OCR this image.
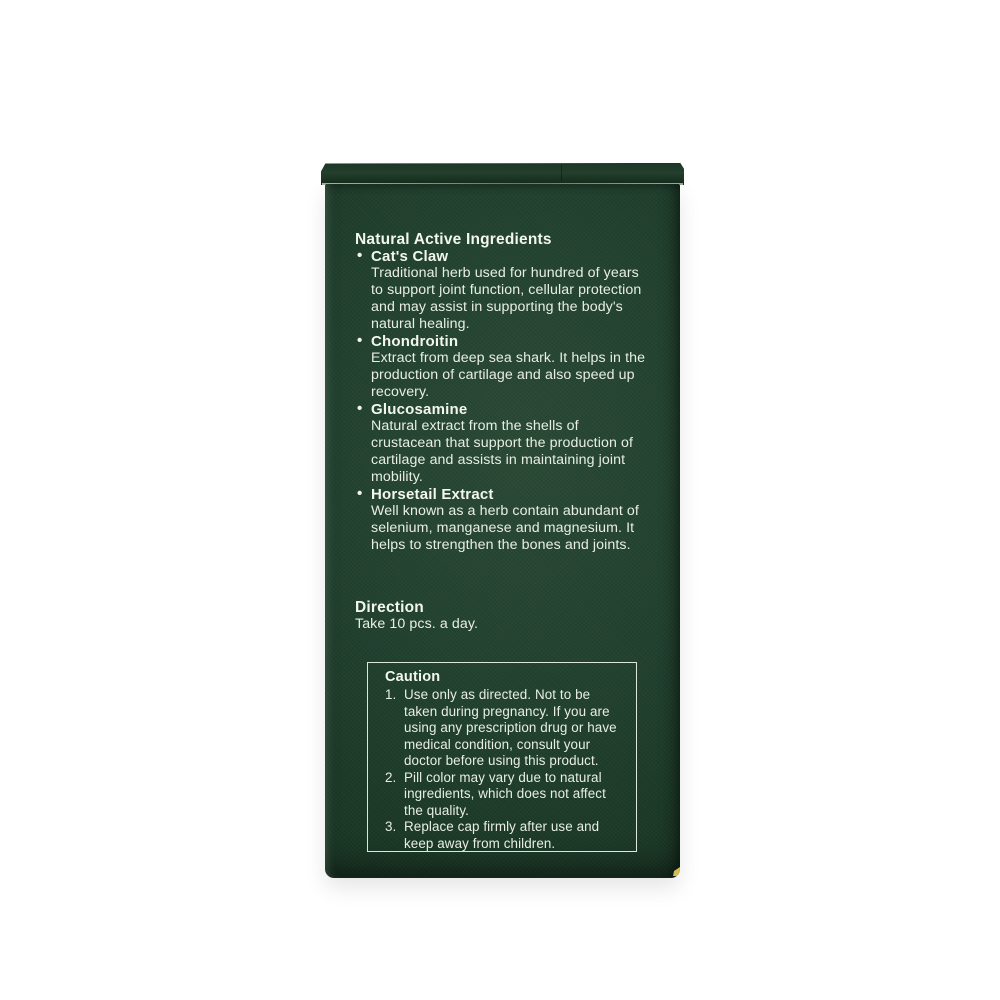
Natural Active Ingredients
• Cat's Claw

Traditional herb used for hundred of years to support joint function, cellular protection and may assist in supporting the body's natural healing.

• Chondroitin

Extract from deep sea shark. It helps in the production of cartilage and also speed up recovery.

• Glucosamine

Natural extract from the shells of crustacean that support the production of cartilage and assists in maintaining joint mobility.

• Horsetail Extract

Well known as a herb contain abundant of selenium, manganese and magnesium. It helps to strengthen the bones and joints.

Direction

Take 10 pcs. a day.

Caution
1. Use only as directed. Not to be taken during pregnancy. If you are using any prescription drug or have medical condition, consult your doctor before using this product.

2. Pill color may vary due to natural ingredients, which does not affect the quality.

3. Replace cap firmly after use and keep away from children.
